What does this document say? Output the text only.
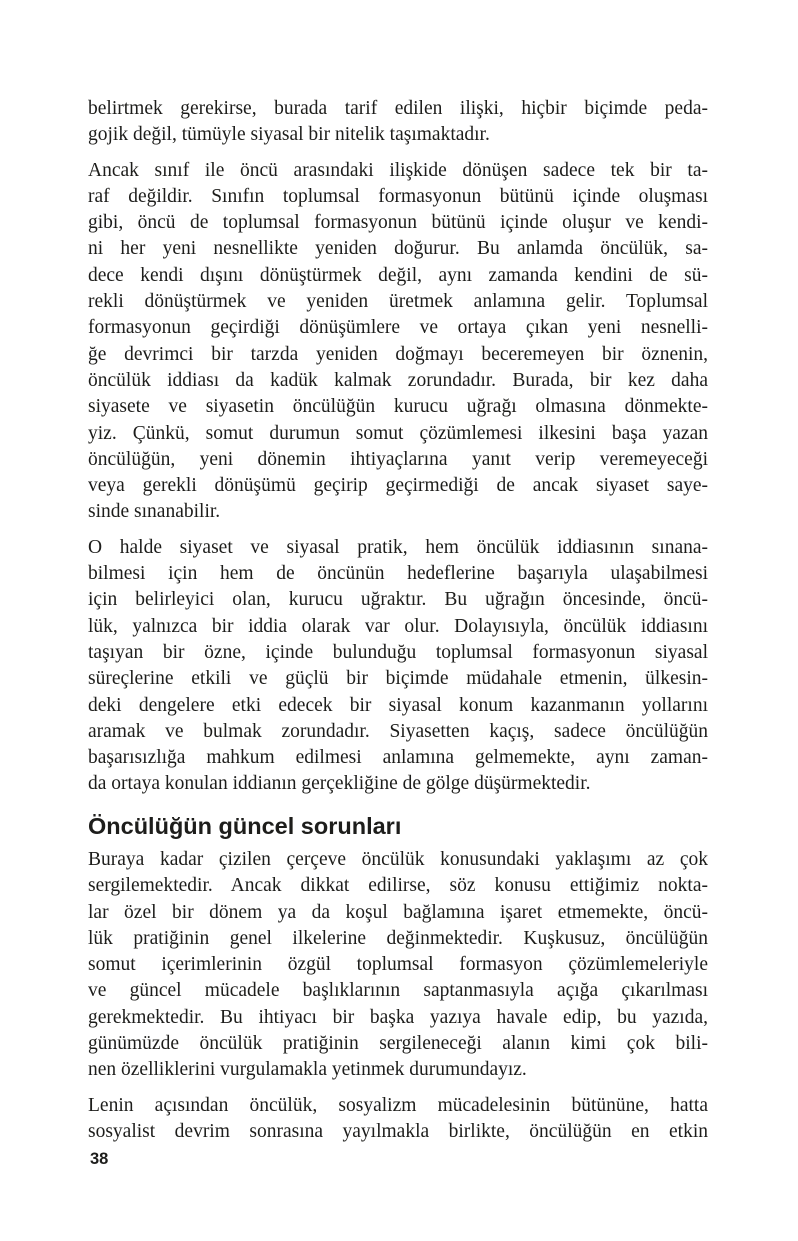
belirtmek gerekirse, burada tarif edilen ilişki, hiçbir biçimde peda-
gojik değil, tümüyle siyasal bir nitelik taşımaktadır.
Ancak sınıf ile öncü arasındaki ilişkide dönüşen sadece tek bir ta-
raf değildir. Sınıfın toplumsal formasyonun bütünü içinde oluşması
gibi, öncü de toplumsal formasyonun bütünü içinde oluşur ve kendi-
ni her yeni nesnellikte yeniden doğurur. Bu anlamda öncülük, sa-
dece kendi dışını dönüştürmek değil, aynı zamanda kendini de sü-
rekli dönüştürmek ve yeniden üretmek anlamına gelir. Toplumsal
formasyonun geçirdiği dönüşümlere ve ortaya çıkan yeni nesnelli-
ğe devrimci bir tarzda yeniden doğmayı beceremeyen bir öznenin,
öncülük iddiası da kadük kalmak zorundadır. Burada, bir kez daha
siyasete ve siyasetin öncülüğün kurucu uğrağı olmasına dönmekte-
yiz. Çünkü, somut durumun somut çözümlemesi ilkesini başa yazan
öncülüğün, yeni dönemin ihtiyaçlarına yanıt verip veremeyeceği
veya gerekli dönüşümü geçirip geçirmediği de ancak siyaset saye-
sinde sınanabilir.
O halde siyaset ve siyasal pratik, hem öncülük iddiasının sınana-
bilmesi için hem de öncünün hedeflerine başarıyla ulaşabilmesi
için belirleyici olan, kurucu uğraktır. Bu uğrağın öncesinde, öncü-
lük, yalnızca bir iddia olarak var olur. Dolayısıyla, öncülük iddiasını
taşıyan bir özne, içinde bulunduğu toplumsal formasyonun siyasal
süreçlerine etkili ve güçlü bir biçimde müdahale etmenin, ülkesin-
deki dengelere etki edecek bir siyasal konum kazanmanın yollarını
aramak ve bulmak zorundadır. Siyasetten kaçış, sadece öncülüğün
başarısızlığa mahkum edilmesi anlamına gelmemekte, aynı zaman-
da ortaya konulan iddianın gerçekliğine de gölge düşürmektedir.
Öncülüğün güncel sorunları
Buraya kadar çizilen çerçeve öncülük konusundaki yaklaşımı az çok
sergilemektedir. Ancak dikkat edilirse, söz konusu ettiğimiz nokta-
lar özel bir dönem ya da koşul bağlamına işaret etmemekte, öncü-
lük pratiğinin genel ilkelerine değinmektedir. Kuşkusuz, öncülüğün
somut içerimlerinin özgül toplumsal formasyon çözümlemeleriyle
ve güncel mücadele başlıklarının saptanmasıyla açığa çıkarılması
gerekmektedir. Bu ihtiyacı bir başka yazıya havale edip, bu yazıda,
günümüzde öncülük pratiğinin sergileneceği alanın kimi çok bili-
nen özelliklerini vurgulamakla yetinmek durumundayız.
Lenin açısından öncülük, sosyalizm mücadelesinin bütününe, hatta
sosyalist devrim sonrasına yayılmakla birlikte, öncülüğün en etkin
38
